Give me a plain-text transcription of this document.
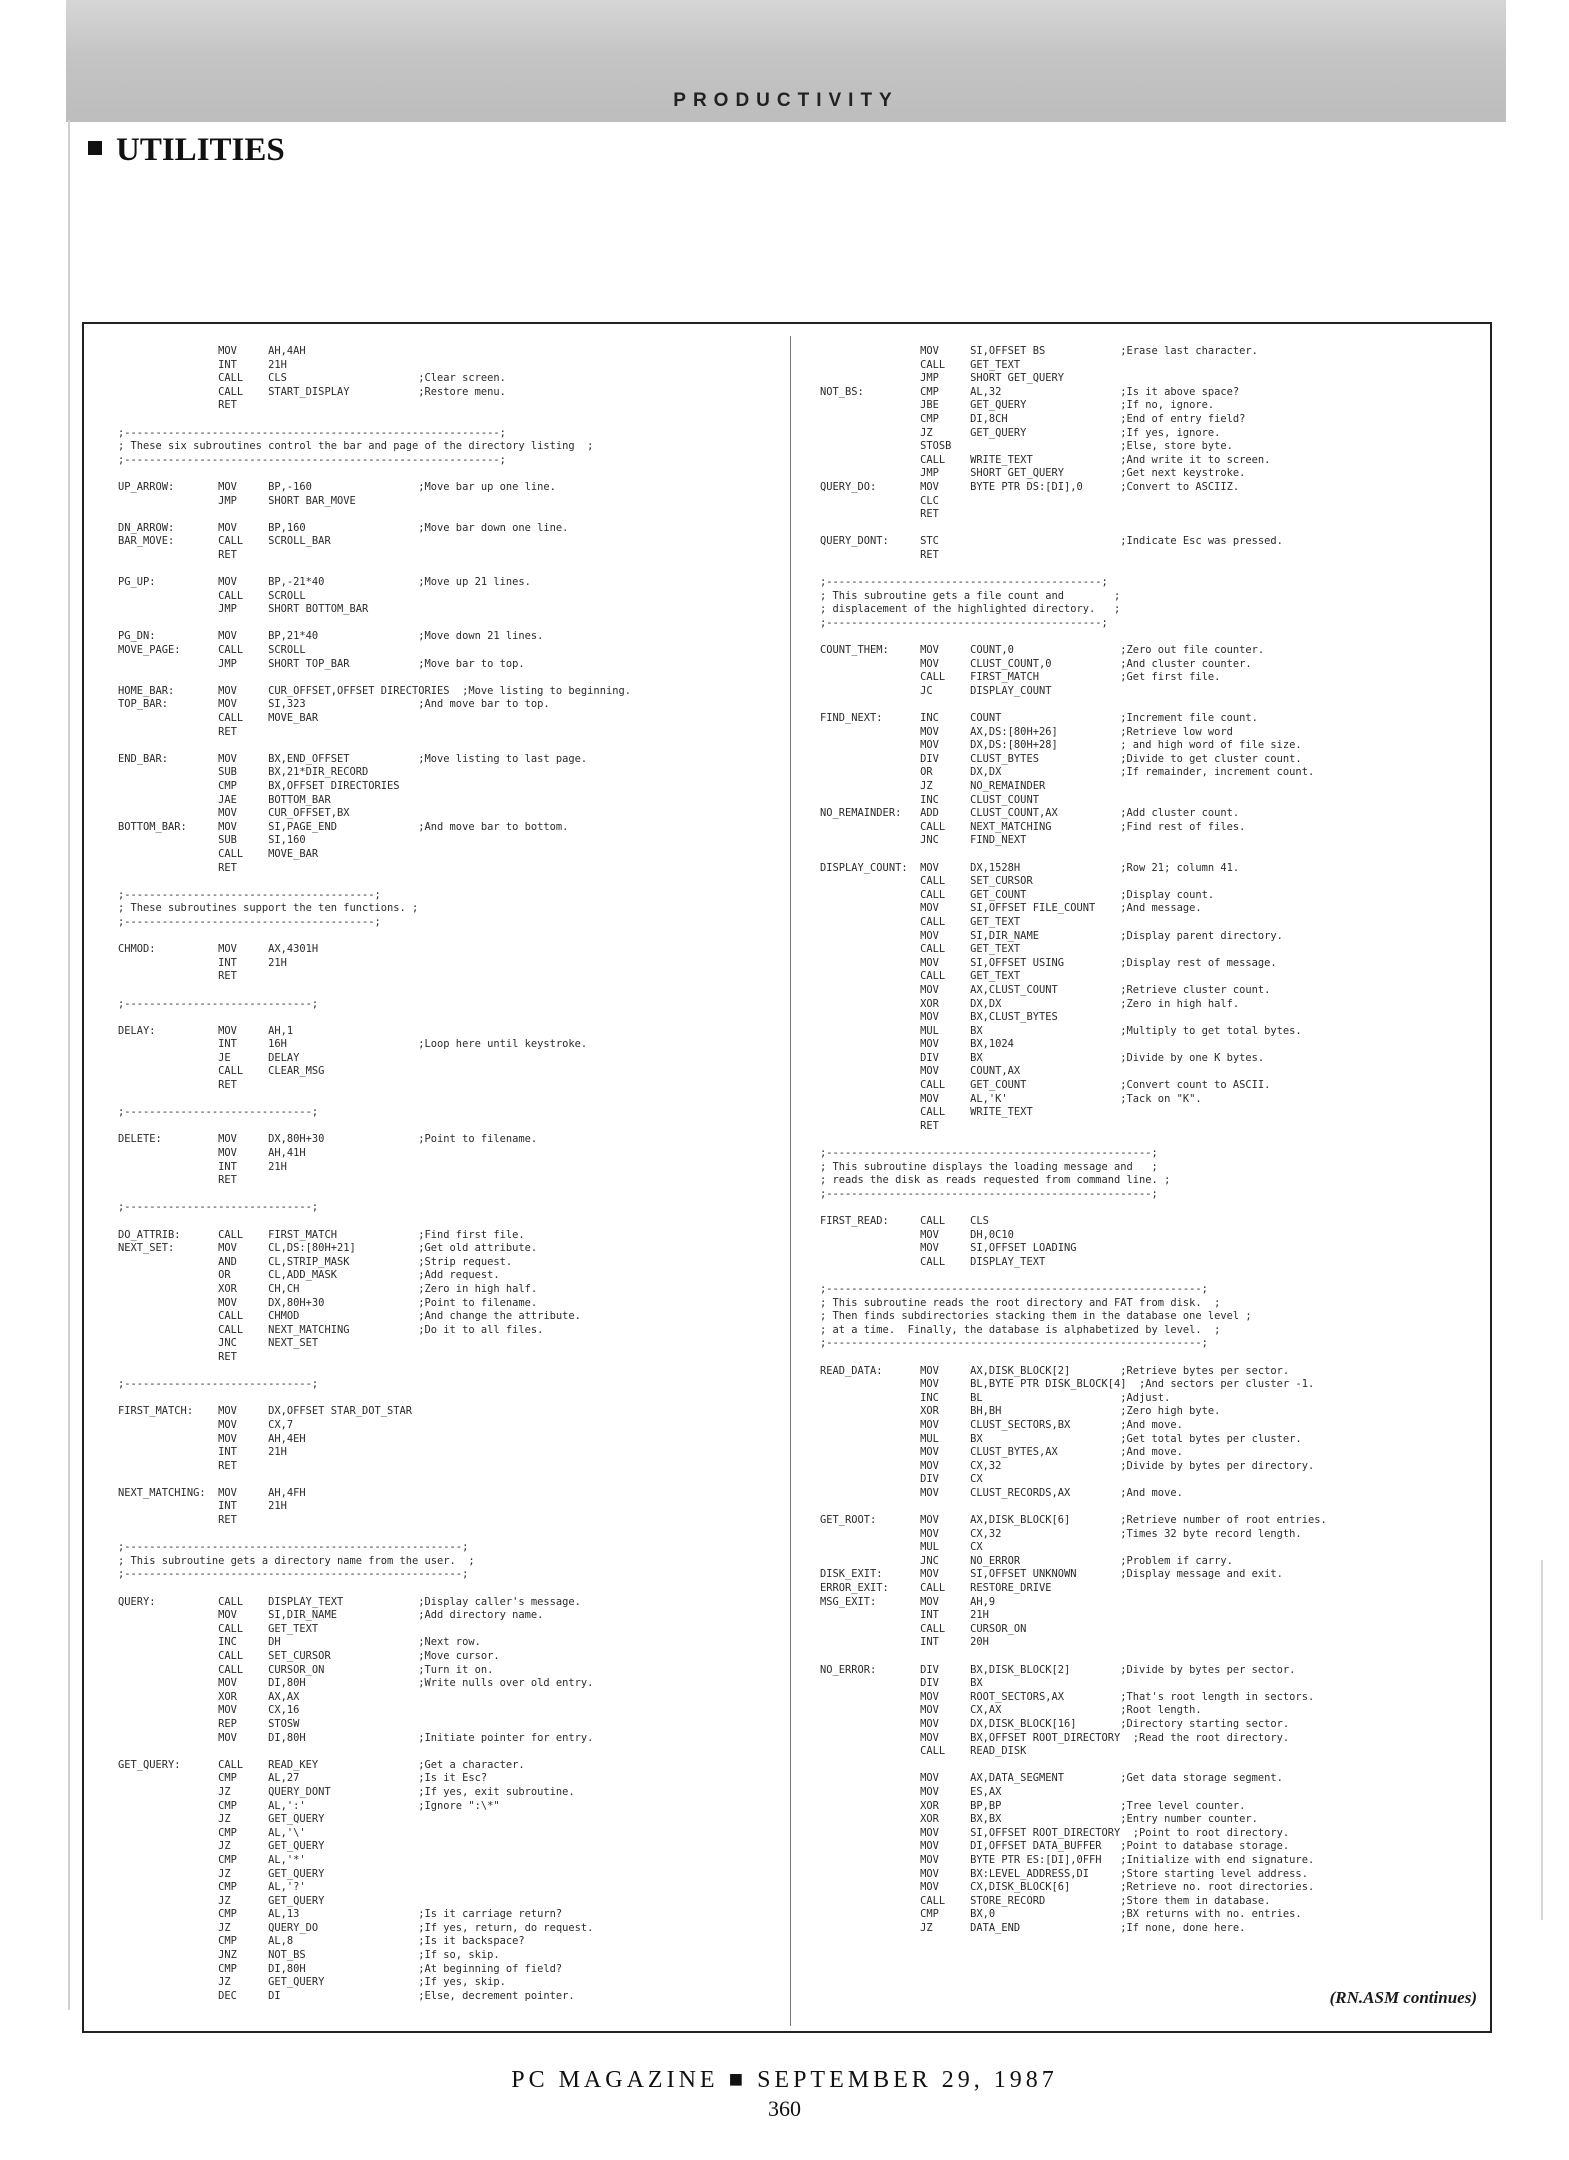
PRODUCTIVITY
UTILITIES
MOV     AH,4AH
INT     21H
CALL    CLS                     ;Clear screen.
CALL    START_DISPLAY           ;Restore menu.
RET

;------------------------------------------------------------;
; These six subroutines control the bar and page of the directory listing  ;
;------------------------------------------------------------;

UP_ARROW:       MOV     BP,-160                 ;Move bar up one line.
JMP     SHORT BAR_MOVE

DN_ARROW:       MOV     BP,160                  ;Move bar down one line.
BAR_MOVE:       CALL    SCROLL_BAR
RET

PG_UP:          MOV     BP,-21*40               ;Move up 21 lines.
CALL    SCROLL
JMP     SHORT BOTTOM_BAR

PG_DN:          MOV     BP,21*40                ;Move down 21 lines.
MOVE_PAGE:      CALL    SCROLL
JMP     SHORT TOP_BAR           ;Move bar to top.

HOME_BAR:       MOV     CUR_OFFSET,OFFSET DIRECTORIES  ;Move listing to beginning.
TOP_BAR:        MOV     SI,323                  ;And move bar to top.
CALL    MOVE_BAR
RET

END_BAR:        MOV     BX,END_OFFSET           ;Move listing to last page.
SUB     BX,21*DIR_RECORD
CMP     BX,OFFSET DIRECTORIES
JAE     BOTTOM_BAR
MOV     CUR_OFFSET,BX
BOTTOM_BAR:     MOV     SI,PAGE_END             ;And move bar to bottom.
SUB     SI,160
CALL    MOVE_BAR
RET

;----------------------------------------;
; These subroutines support the ten functions. ;
;----------------------------------------;

CHMOD:          MOV     AX,4301H
INT     21H
RET

;------------------------------;

DELAY:          MOV     AH,1
INT     16H                     ;Loop here until keystroke.
JE      DELAY
CALL    CLEAR_MSG
RET

;------------------------------;

DELETE:         MOV     DX,80H+30               ;Point to filename.
MOV     AH,41H
INT     21H
RET

;------------------------------;

DO_ATTRIB:      CALL    FIRST_MATCH             ;Find first file.
NEXT_SET:       MOV     CL,DS:[80H+21]          ;Get old attribute.
AND     CL,STRIP_MASK           ;Strip request.
OR      CL,ADD_MASK             ;Add request.
XOR     CH,CH                   ;Zero in high half.
MOV     DX,80H+30               ;Point to filename.
CALL    CHMOD                   ;And change the attribute.
CALL    NEXT_MATCHING           ;Do it to all files.
JNC     NEXT_SET
RET

;------------------------------;

FIRST_MATCH:    MOV     DX,OFFSET STAR_DOT_STAR
MOV     CX,7
MOV     AH,4EH
INT     21H
RET

NEXT_MATCHING:  MOV     AH,4FH
INT     21H
RET

;------------------------------------------------------;
; This subroutine gets a directory name from the user.  ;
;------------------------------------------------------;

QUERY:          CALL    DISPLAY_TEXT            ;Display caller's message.
MOV     SI,DIR_NAME             ;Add directory name.
CALL    GET_TEXT
INC     DH                      ;Next row.
CALL    SET_CURSOR              ;Move cursor.
CALL    CURSOR_ON               ;Turn it on.
MOV     DI,80H                  ;Write nulls over old entry.
XOR     AX,AX
MOV     CX,16
REP     STOSW
MOV     DI,80H                  ;Initiate pointer for entry.

GET_QUERY:      CALL    READ_KEY                ;Get a character.
CMP     AL,27                   ;Is it Esc?
JZ      QUERY_DONT              ;If yes, exit subroutine.
CMP     AL,':'                  ;Ignore ":\*"
JZ      GET_QUERY
CMP     AL,'\'
JZ      GET_QUERY
CMP     AL,'*'
JZ      GET_QUERY
CMP     AL,'?'
JZ      GET_QUERY
CMP     AL,13                   ;Is it carriage return?
JZ      QUERY_DO                ;If yes, return, do request.
CMP     AL,8                    ;Is it backspace?
JNZ     NOT_BS                  ;If so, skip.
CMP     DI,80H                  ;At beginning of field?
JZ      GET_QUERY               ;If yes, skip.
DEC     DI                      ;Else, decrement pointer.
MOV     SI,OFFSET BS            ;Erase last character.
CALL    GET_TEXT
JMP     SHORT GET_QUERY
NOT_BS:         CMP     AL,32                   ;Is it above space?
JBE     GET_QUERY               ;If no, ignore.
CMP     DI,8CH                  ;End of entry field?
JZ      GET_QUERY               ;If yes, ignore.
STOSB                           ;Else, store byte.
CALL    WRITE_TEXT              ;And write it to screen.
JMP     SHORT GET_QUERY         ;Get next keystroke.
QUERY_DO:       MOV     BYTE PTR DS:[DI],0      ;Convert to ASCIIZ.
CLC
RET

QUERY_DONT:     STC                             ;Indicate Esc was pressed.
RET

;--------------------------------------------;
; This subroutine gets a file count and        ;
; displacement of the highlighted directory.   ;
;--------------------------------------------;

COUNT_THEM:     MOV     COUNT,0                 ;Zero out file counter.
MOV     CLUST_COUNT,0           ;And cluster counter.
CALL    FIRST_MATCH             ;Get first file.
JC      DISPLAY_COUNT

FIND_NEXT:      INC     COUNT                   ;Increment file count.
MOV     AX,DS:[80H+26]          ;Retrieve low word
MOV     DX,DS:[80H+28]          ; and high word of file size.
DIV     CLUST_BYTES             ;Divide to get cluster count.
OR      DX,DX                   ;If remainder, increment count.
JZ      NO_REMAINDER
INC     CLUST_COUNT
NO_REMAINDER:   ADD     CLUST_COUNT,AX          ;Add cluster count.
CALL    NEXT_MATCHING           ;Find rest of files.
JNC     FIND_NEXT

DISPLAY_COUNT:  MOV     DX,1528H                ;Row 21; column 41.
CALL    SET_CURSOR
CALL    GET_COUNT               ;Display count.
MOV     SI,OFFSET FILE_COUNT    ;And message.
CALL    GET_TEXT
MOV     SI,DIR_NAME             ;Display parent directory.
CALL    GET_TEXT
MOV     SI,OFFSET USING         ;Display rest of message.
CALL    GET_TEXT
MOV     AX,CLUST_COUNT          ;Retrieve cluster count.
XOR     DX,DX                   ;Zero in high half.
MOV     BX,CLUST_BYTES
MUL     BX                      ;Multiply to get total bytes.
MOV     BX,1024
DIV     BX                      ;Divide by one K bytes.
MOV     COUNT,AX
CALL    GET_COUNT               ;Convert count to ASCII.
MOV     AL,'K'                  ;Tack on "K".
CALL    WRITE_TEXT
RET

;----------------------------------------------------;
; This subroutine displays the loading message and   ;
; reads the disk as reads requested from command line. ;
;----------------------------------------------------;

FIRST_READ:     CALL    CLS
MOV     DH,0C10
MOV     SI,OFFSET LOADING
CALL    DISPLAY_TEXT

;------------------------------------------------------------;
; This subroutine reads the root directory and FAT from disk.  ;
; Then finds subdirectories stacking them in the database one level ;
; at a time.  Finally, the database is alphabetized by level.  ;
;------------------------------------------------------------;

READ_DATA:      MOV     AX,DISK_BLOCK[2]        ;Retrieve bytes per sector.
MOV     BL,BYTE PTR DISK_BLOCK[4]  ;And sectors per cluster -1.
INC     BL                      ;Adjust.
XOR     BH,BH                   ;Zero high byte.
MOV     CLUST_SECTORS,BX        ;And move.
MUL     BX                      ;Get total bytes per cluster.
MOV     CLUST_BYTES,AX          ;And move.
MOV     CX,32                   ;Divide by bytes per directory.
DIV     CX
MOV     CLUST_RECORDS,AX        ;And move.

GET_ROOT:       MOV     AX,DISK_BLOCK[6]        ;Retrieve number of root entries.
MOV     CX,32                   ;Times 32 byte record length.
MUL     CX
JNC     NO_ERROR                ;Problem if carry.
DISK_EXIT:      MOV     SI,OFFSET UNKNOWN       ;Display message and exit.
ERROR_EXIT:     CALL    RESTORE_DRIVE
MSG_EXIT:       MOV     AH,9
INT     21H
CALL    CURSOR_ON
INT     20H

NO_ERROR:       DIV     BX,DISK_BLOCK[2]        ;Divide by bytes per sector.
DIV     BX
MOV     ROOT_SECTORS,AX         ;That's root length in sectors.
MOV     CX,AX                   ;Root length.
MOV     DX,DISK_BLOCK[16]       ;Directory starting sector.
MOV     BX,OFFSET ROOT_DIRECTORY  ;Read the root directory.
CALL    READ_DISK

MOV     AX,DATA_SEGMENT         ;Get data storage segment.
MOV     ES,AX
XOR     BP,BP                   ;Tree level counter.
XOR     BX,BX                   ;Entry number counter.
MOV     SI,OFFSET ROOT_DIRECTORY  ;Point to root directory.
MOV     DI,OFFSET DATA_BUFFER   ;Point to database storage.
MOV     BYTE PTR ES:[DI],0FFH   ;Initialize with end signature.
MOV     BX:LEVEL_ADDRESS,DI     ;Store starting level address.
MOV     CX,DISK_BLOCK[6]        ;Retrieve no. root directories.
CALL    STORE_RECORD            ;Store them in database.
CMP     BX,0                    ;BX returns with no. entries.
JZ      DATA_END                ;If none, done here.
(RN.ASM continues)
PC MAGAZINE ■ SEPTEMBER 29, 1987
360
